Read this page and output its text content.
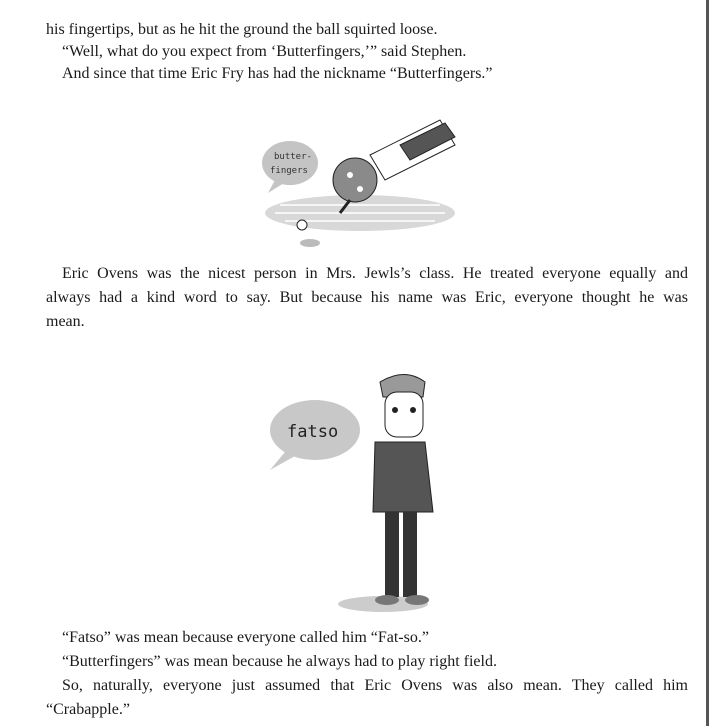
his fingertips, but as he hit the ground the ball squirted loose.
“Well, what do you expect from ‘Butterfingers,’” said Stephen.
And since that time Eric Fry has had the nickname “Butterfingers.”
butter-
fingers
Eric Ovens was the nicest person in Mrs. Jewls’s class. He treated everyone equally and
always had a kind word to say. But because his name was Eric, everyone thought he was
mean.
fatso
“Fatso” was mean because everyone called him “Fat-so.”
“Butterfingers” was mean because he always had to play right field.
So, naturally, everyone just assumed that Eric Ovens was also mean. They called him
“Crabapple.”
